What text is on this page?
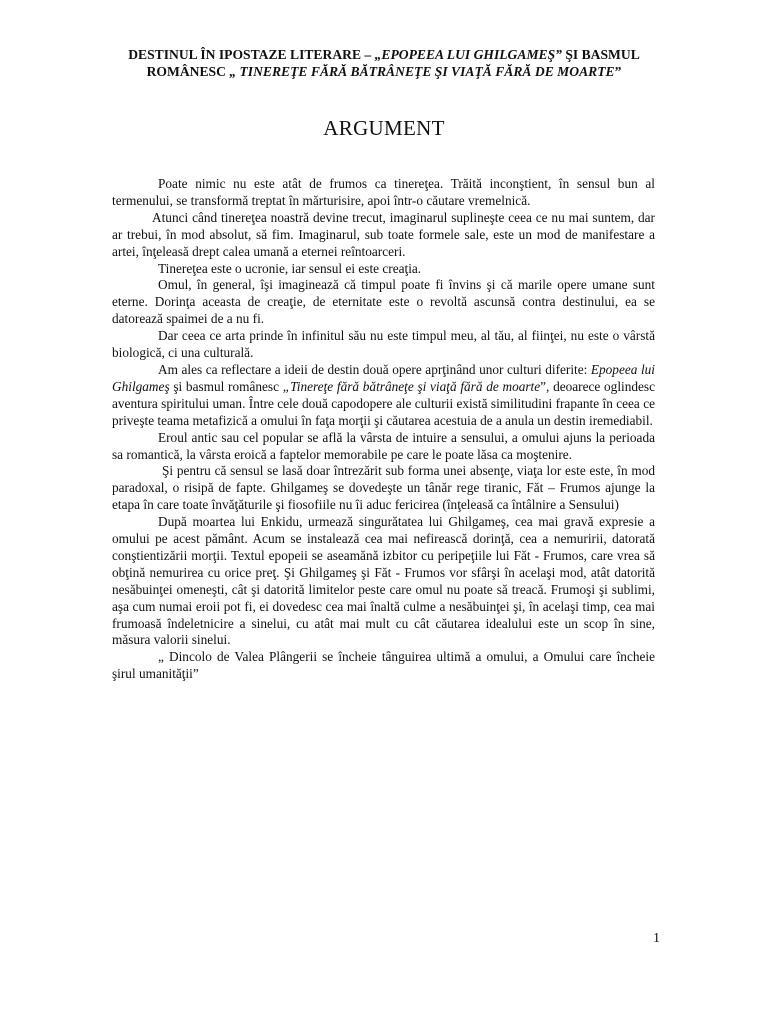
DESTINUL ÎN IPOSTAZE LITERARE – „EPOPEEA LUI GHILGAMEŞ” ŞI BASMUL ROMÂNESC „ TINEREŢE FĂRĂ BĂTRÂNEŢE ŞI VIAŢĂ FĂRĂ DE MOARTE”
ARGUMENT

Poate nimic nu este atât de frumos ca tinereţea. Trăită inconştient, în sensul bun al termenului, se transformă treptat în mărturisire, apoi într-o căutare vremelnică.

Atunci când tinereţea noastră devine trecut, imaginarul suplineşte ceea ce nu mai suntem, dar ar trebui, în mod absolut, să fim. Imaginarul, sub toate formele sale, este un mod de manifestare a artei, înţeleasă drept calea umană a eternei reîntoarceri.

Tinereţea este o ucronie, iar sensul ei este creaţia.

Omul, în general, îşi imaginează că timpul poate fi învins şi că marile opere umane sunt eterne. Dorinţa aceasta de creaţie, de eternitate este o revoltă ascunsă contra destinului, ea se datorează spaimei de a nu fi.

Dar ceea ce arta prinde în infinitul său nu este timpul meu, al tău, al fiinţei, nu este o vârstă biologică, ci una culturală.

Am ales ca reflectare a ideii de destin două opere aprţinând unor culturi diferite: Epopeea lui Ghilgameş şi basmul românesc „Tinereţe fără bătrâneţe şi viaţă fără de moarte”, deoarece oglindesc aventura spiritului uman. Între cele două capodopere ale culturii există similitudini frapante în ceea ce priveşte teama metafizică a omului în faţa morţii şi căutarea acestuia de a anula un destin iremediabil.

Eroul antic sau cel popular se află la vârsta de intuire a sensului, a omului ajuns la perioada sa romantică, la vârsta eroică a faptelor memorabile pe care le poate lăsa ca moştenire.

Şi pentru că sensul se lasă doar întrezărit sub forma unei absenţe, viaţa lor este este, în mod paradoxal, o risipă de fapte. Ghilgameş se dovedeşte un tânăr rege tiranic, Făt – Frumos ajunge la etapa în care toate învăţăturile şi fiosofiile nu îi aduc fericirea (înţeleasă ca întâlnire a Sensului)

După moartea lui Enkidu, urmează singurătatea lui Ghilgameş, cea mai gravă expresie a omului pe acest pământ. Acum se instalează cea mai nefirească dorinţă, cea a nemuririi, datorată conştientizării morţii. Textul epopeii se aseamănă izbitor cu peripeţiile lui Făt - Frumos, care vrea să obţină nemurirea cu orice preţ. Şi Ghilgameş şi Făt - Frumos vor sfârşi în acelaşi mod, atât datorită nesăbuinţei omeneşti, cât şi datorită limitelor peste care omul nu poate să treacă. Frumoşi şi sublimi, aşa cum numai eroii pot fi, ei dovedesc cea mai înaltă culme a nesăbuinţei şi, în acelaşi timp, cea mai frumoasă îndeletnicire a sinelui, cu atât mai mult cu cât căutarea idealului este un scop în sine, măsura valorii sinelui.

„ Dincolo de Valea Plângerii se încheie tânguirea ultimă a omului, a Omului care încheie şirul umanităţii”

1
